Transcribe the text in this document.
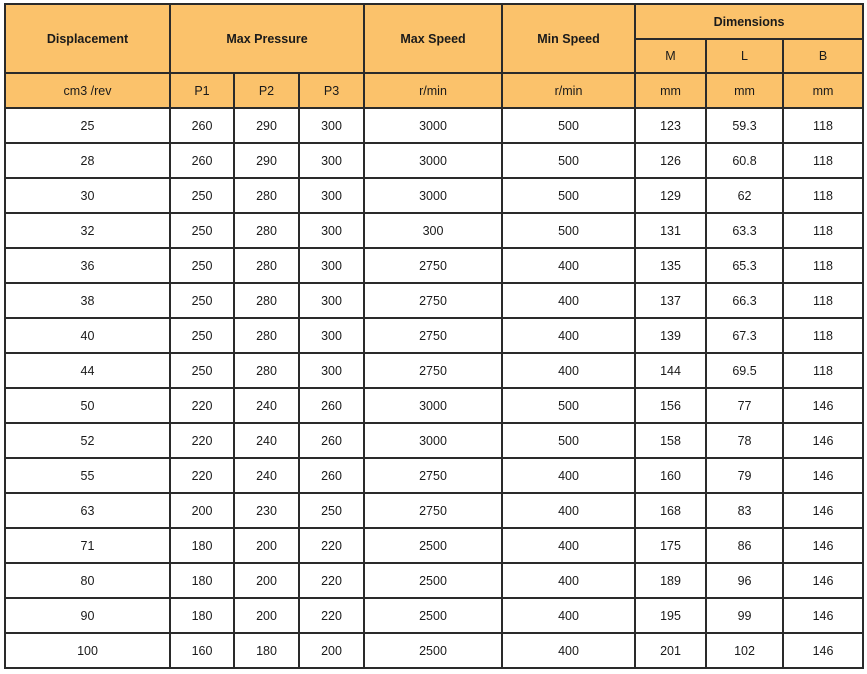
Displacement	Max Pressure			Max Speed	Min Speed	Dimensions		
						M	L	B
cm3 /rev	P1	P2	P3	r/min	r/min	mm	mm	mm
25	260	290	300	3000	500	123	59.3	118
28	260	290	300	3000	500	126	60.8	118
30	250	280	300	3000	500	129	62	118
32	250	280	300	300	500	131	63.3	118
36	250	280	300	2750	400	135	65.3	118
38	250	280	300	2750	400	137	66.3	118
40	250	280	300	2750	400	139	67.3	118
44	250	280	300	2750	400	144	69.5	118
50	220	240	260	3000	500	156	77	146
52	220	240	260	3000	500	158	78	146
55	220	240	260	2750	400	160	79	146
63	200	230	250	2750	400	168	83	146
71	180	200	220	2500	400	175	86	146
80	180	200	220	2500	400	189	96	146
90	180	200	220	2500	400	195	99	146
100	160	180	200	2500	400	201	102	146
